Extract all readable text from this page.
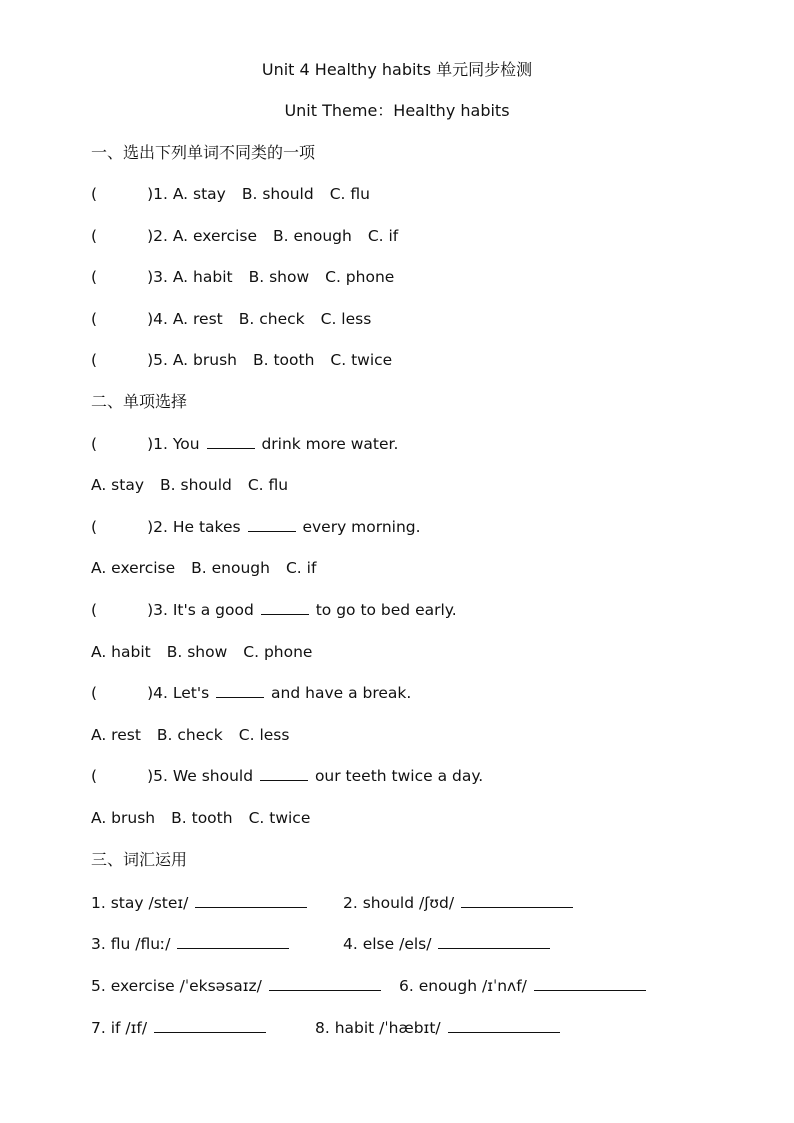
Unit 4 Healthy habits 单元同步检测
Unit Theme：Healthy habits
一、选出下列单词不同类的一项
(	)1. A. stay B. should C. flu
(	)2. A. exercise B. enough C. if
(	)3. A. habit B. show C. phone
(	)4. A. rest B. check C. less
(	)5. A. brush B. tooth C. twice
二、单项选择
(	)1. You	drink more water.
A. stay B. should C. flu
(	)2. He takes	every morning.
A. exercise B. enough C. if
(	)3. It's a good	to go to bed early.
A. habit B. show C. phone
(	)4. Let's	and have a break.
A. rest B. check C. less
(	)5. We should	our teeth twice a day.
A. brush B. tooth C. twice
三、词汇运用
1. stay /steɪ/	2. should /ʃʊd/
3. flu /fluː/	4. else /els/
5. exercise /ˈeksəsaɪz/	6. enough /ɪˈnʌf/
7. if /ɪf/	8. habit /ˈhæbɪt/
